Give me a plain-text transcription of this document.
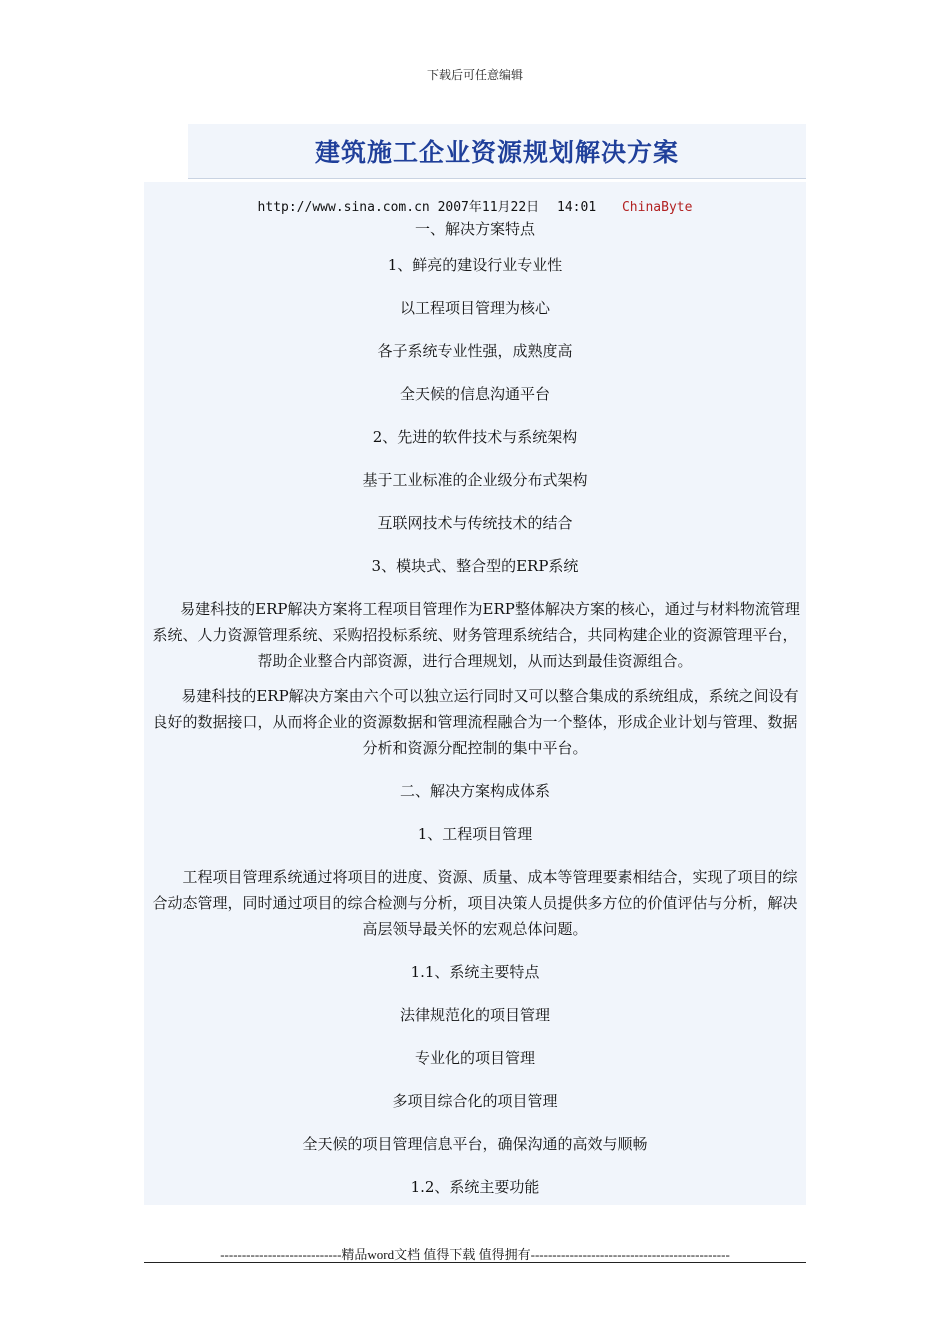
下载后可任意编辑
建筑施工企业资源规划解决方案
http://www.sina.com.cn 2007年11月22日 14:01 ChinaByte

一、解决方案特点

1、鲜亮的建设行业专业性

以工程项目管理为核心

各子系统专业性强，成熟度高

全天候的信息沟通平台

2、先进的软件技术与系统架构

基于工业标准的企业级分布式架构

互联网技术与传统技术的结合

3、模块式、整合型的ERP系统

易建科技的ERP解决方案将工程项目管理作为ERP整体解决方案的核心，通过与材料物流管理系统、人力资源管理系统、采购招投标系统、财务管理系统结合，共同构建企业的资源管理平台，帮助企业整合内部资源，进行合理规划，从而达到最佳资源组合。

易建科技的ERP解决方案由六个可以独立运行同时又可以整合集成的系统组成，系统之间设有良好的数据接口，从而将企业的资源数据和管理流程融合为一个整体，形成企业计划与管理、数据分析和资源分配控制的集中平台。

二、解决方案构成体系

1、工程项目管理

工程项目管理系统通过将项目的进度、资源、质量、成本等管理要素相结合，实现了项目的综合动态管理，同时通过项目的综合检测与分析，项目决策人员提供多方位的价值评估与分析，解决高层领导最关怀的宏观总体问题。

1.1、系统主要特点

法律规范化的项目管理

专业化的项目管理

多项目综合化的项目管理

全天候的项目管理信息平台，确保沟通的高效与顺畅

1.2、系统主要功能

----------------------------精品word文档 值得下载 值得拥有----------------------------------------------
